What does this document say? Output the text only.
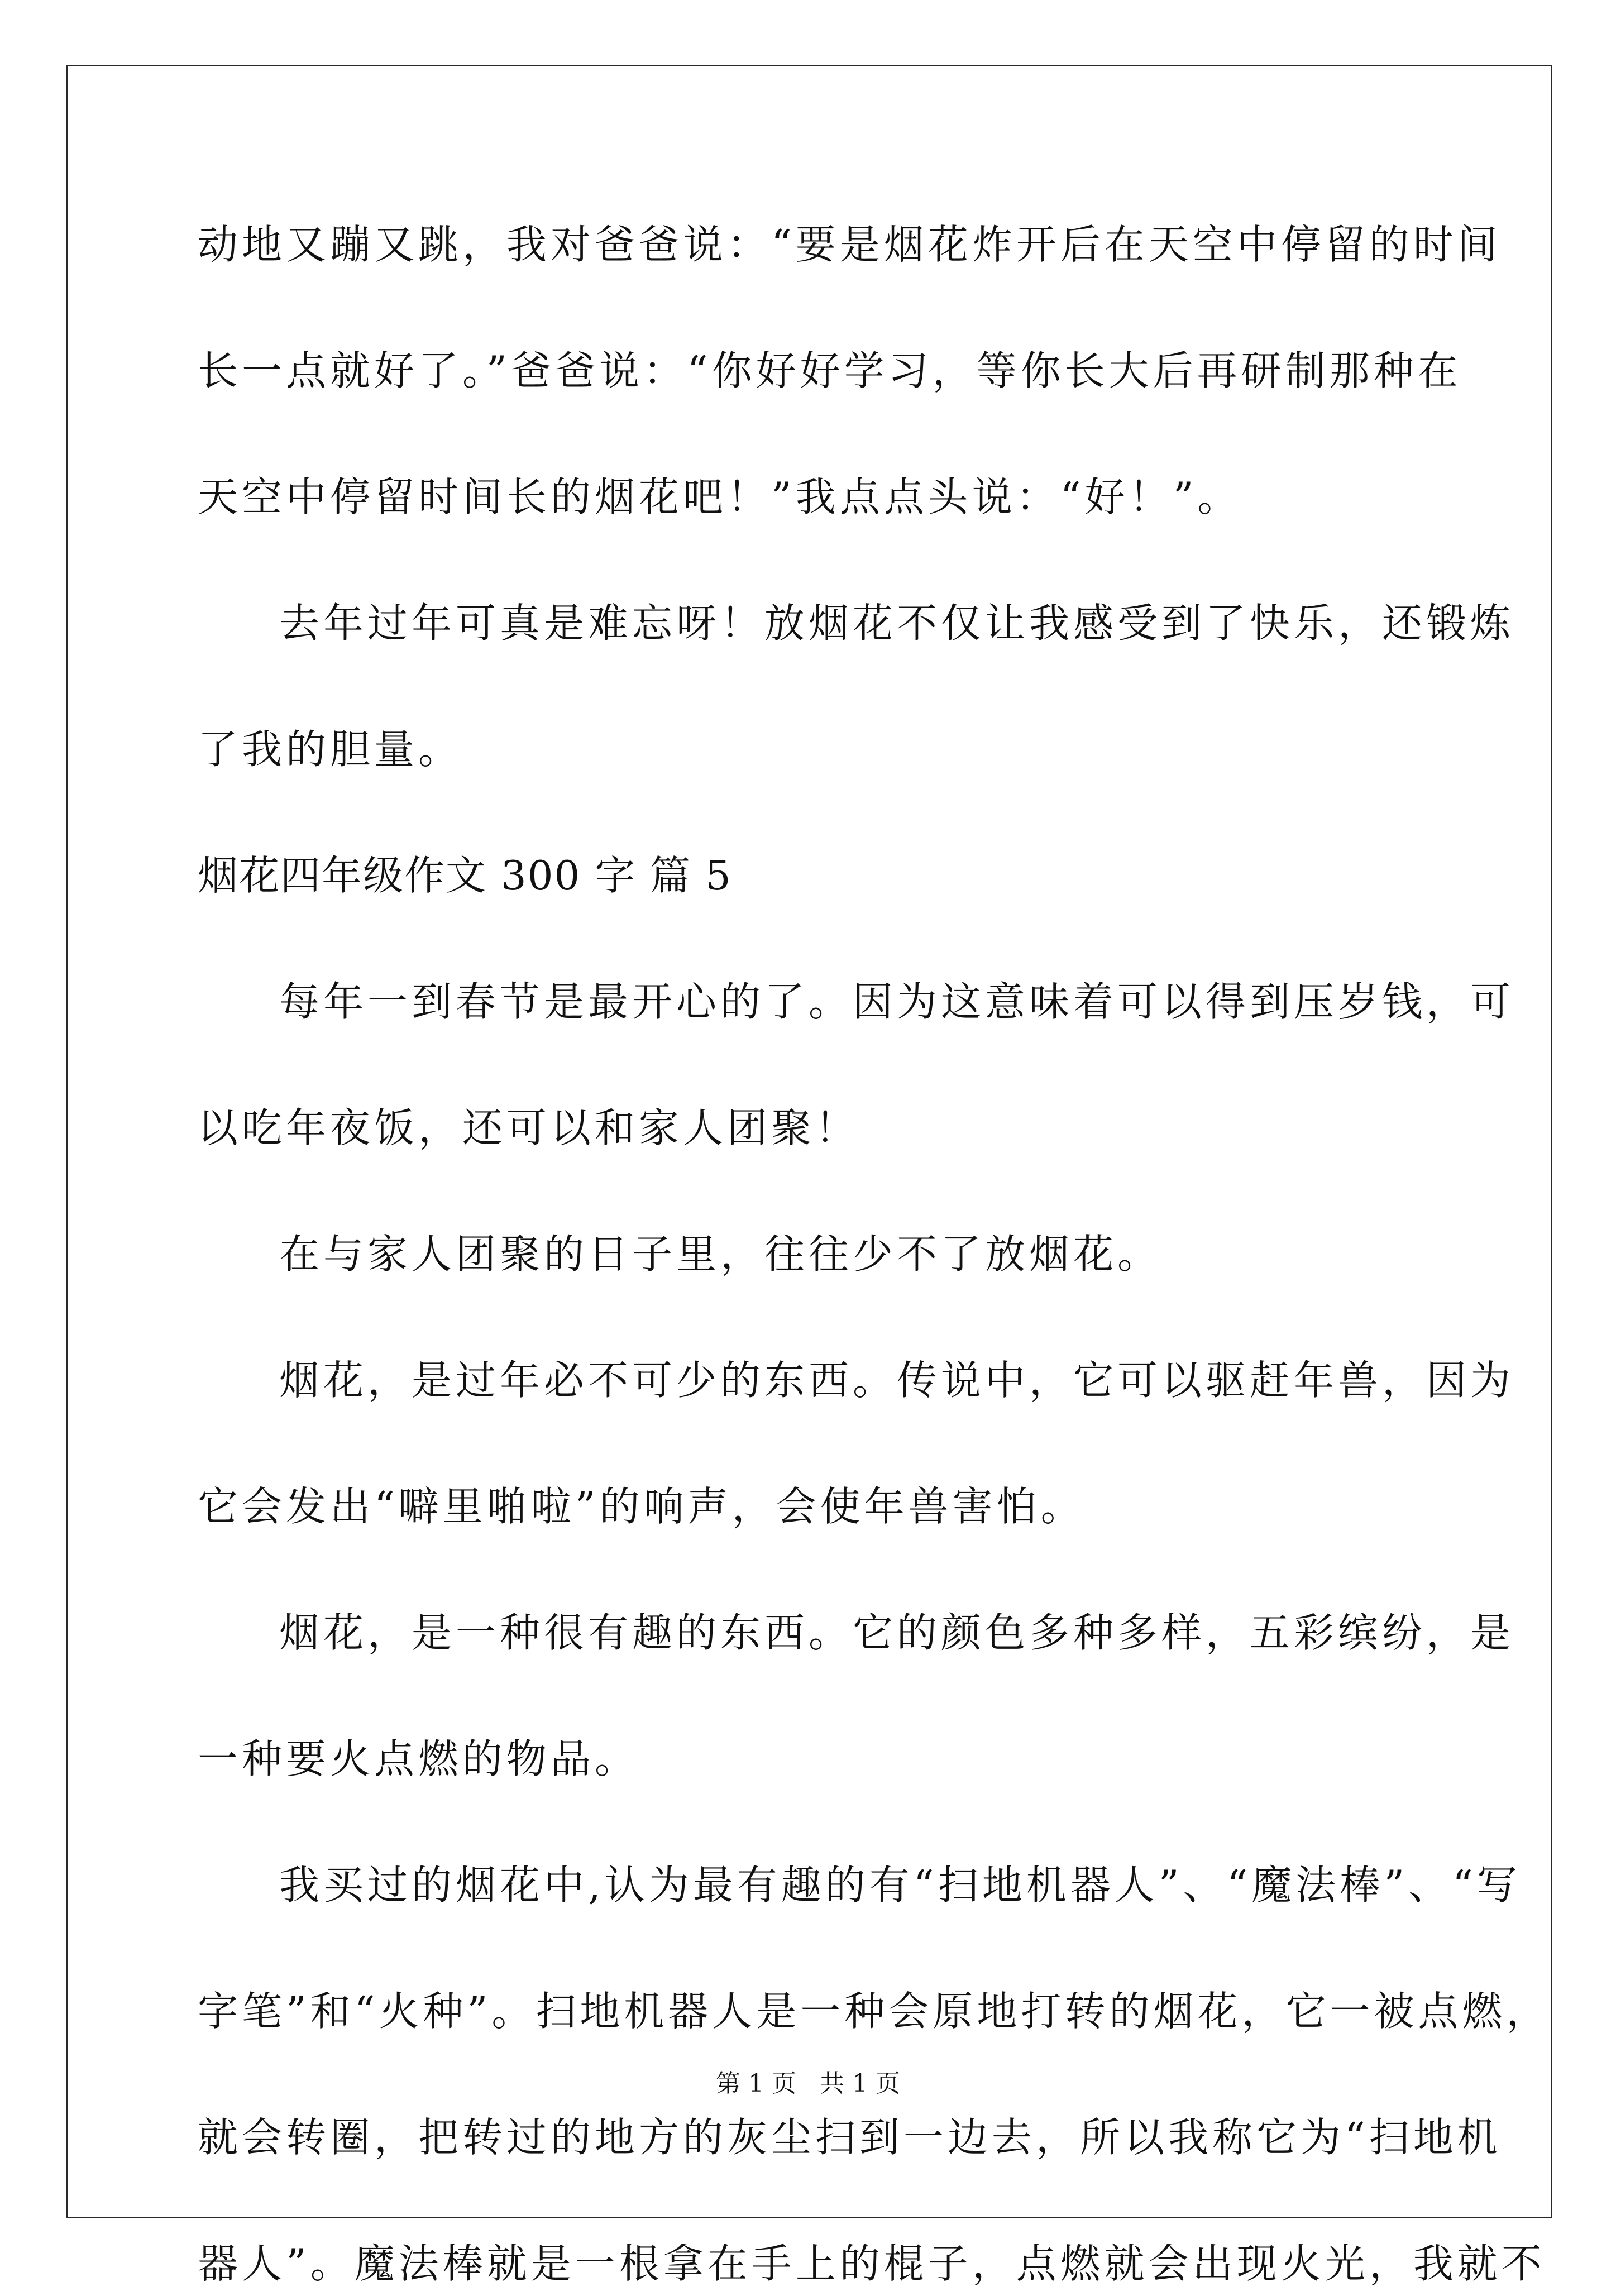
动地又蹦又跳，我对爸爸说：“要是烟花炸开后在天空中停留的时间

长一点就好了。”爸爸说：“你好好学习，等你长大后再研制那种在

天空中停留时间长的烟花吧！”我点点头说：“好！”。

去年过年可真是难忘呀！放烟花不仅让我感受到了快乐，还锻炼

了我的胆量。

烟花四年级作文 300 字 篇 5

每年一到春节是最开心的了。因为这意味着可以得到压岁钱，可

以吃年夜饭，还可以和家人团聚！

在与家人团聚的日子里，往往少不了放烟花。

烟花，是过年必不可少的东西。传说中，它可以驱赶年兽，因为

它会发出“噼里啪啦”的响声，会使年兽害怕。

烟花，是一种很有趣的东西。它的颜色多种多样，五彩缤纷，是

一种要火点燃的物品。

我买过的烟花中,认为最有趣的有“扫地机器人”、“魔法棒”、“写

字笔”和“火种”。扫地机器人是一种会原地打转的烟花，它一被点燃，

就会转圈，把转过的地方的灰尘扫到一边去，所以我称它为“扫地机

器人”。魔法棒就是一根拿在手上的棍子，点燃就会出现火光，我就不

第 1 页   共 1 页
